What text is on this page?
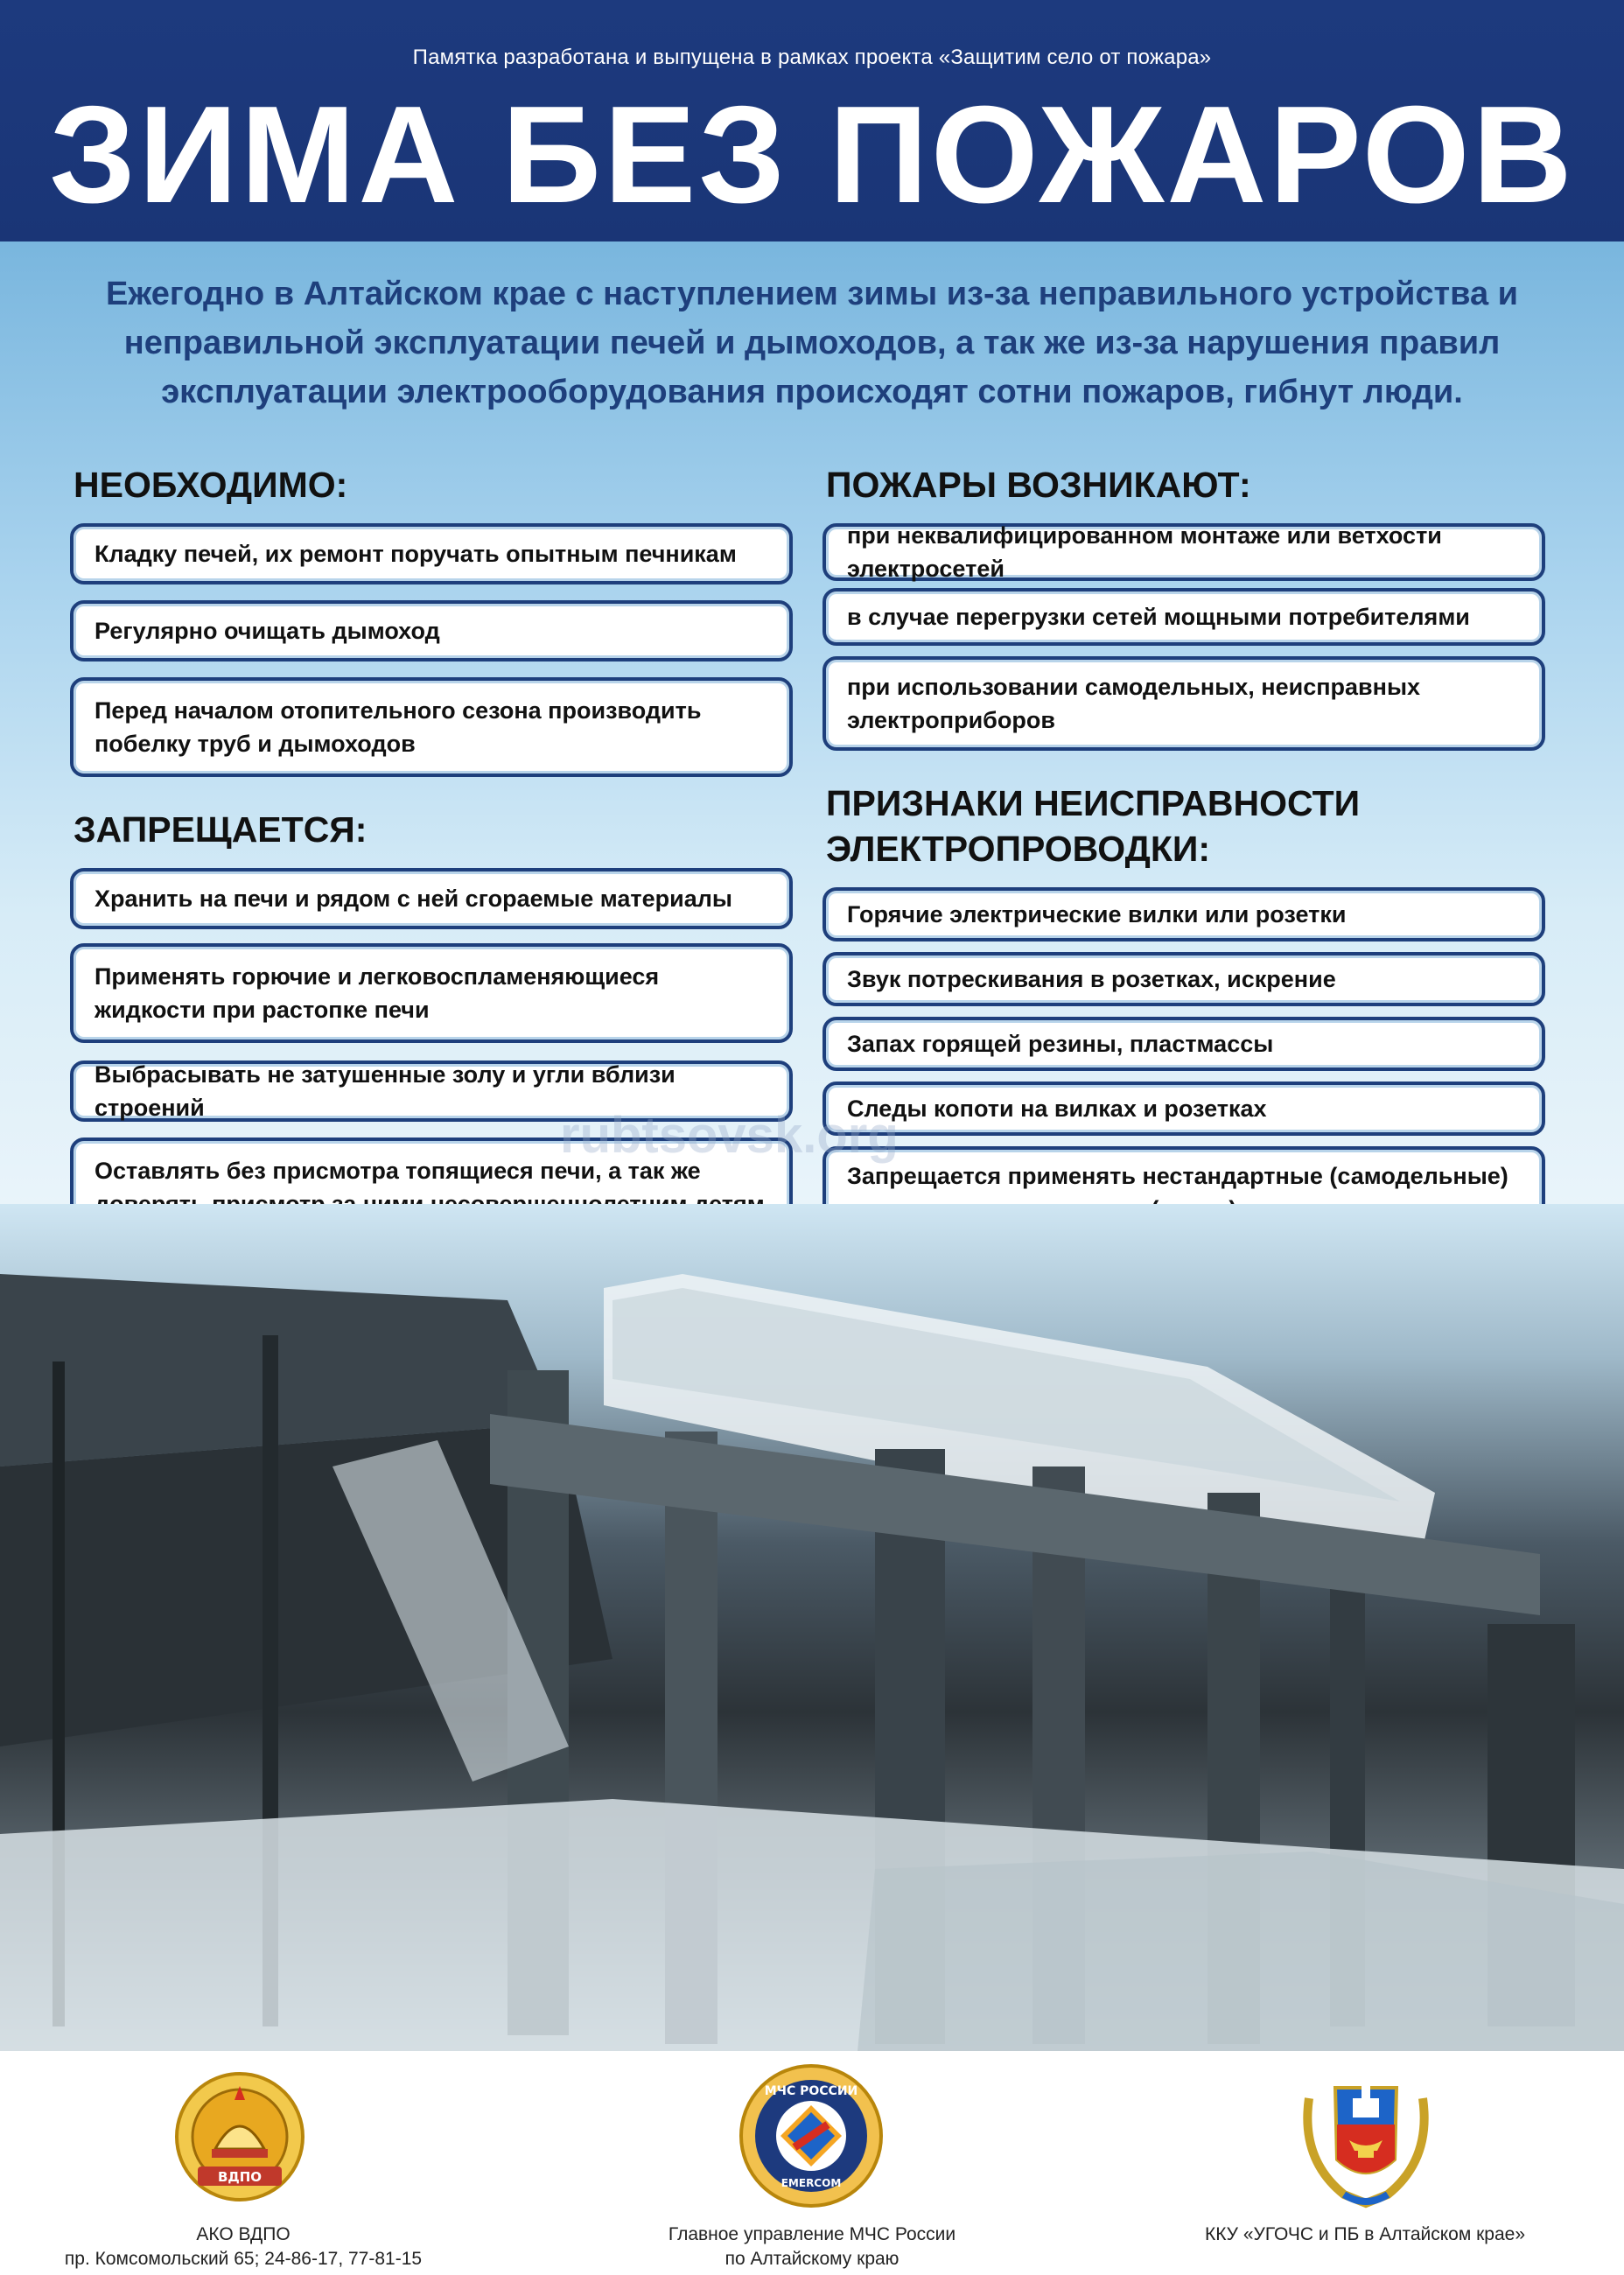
Памятка разработана и выпущена в рамках проекта «Защитим село от пожара»
ЗИМА БЕЗ ПОЖАРОВ
Ежегодно в Алтайском крае с наступлением зимы из-за неправильного устройства и неправильной эксплуатации печей и дымоходов, а так же из-за нарушения правил эксплуатации электрооборудования происходят сотни пожаров, гибнут люди.
НЕОБХОДИМО:
Кладку печей, их ремонт поручать опытным печникам
Регулярно очищать дымоход
Перед началом отопительного сезона производить побелку труб и дымоходов
ЗАПРЕЩАЕТСЯ:
Хранить на печи и рядом с ней сгораемые материалы
Применять горючие и легковоспламеняющиеся жидкости при растопке печи
Выбрасывать не затушенные золу и угли вблизи строений
Оставлять без присмотра топящиеся печи, а так же
ПОЖАРЫ ВОЗНИКАЮТ:
при неквалифицированном монтаже или ветхости электросетей
в случае перегрузки сетей мощными потребителями
при использовании самодельных, неисправных электроприборов
ПРИЗНАКИ НЕИСПРАВНОСТИ
ЭЛЕКТРОПРОВОДКИ:
Горячие электрические вилки или розетки
Звук потрескивания в розетках, искрение
Запах горящей резины, пластмассы
Следы копоти на вилках и розетках
Запрещается применять нестандартные (самодельные)
rubtsovsk.org
ВДПО
АКО ВДПО
пр. Комсомольский 65; 24-86-17, 77-81-15
МЧС РОССИИ
EMERCOM
Главное управление МЧС России
по Алтайскому краю
ККУ «УГОЧС и ПБ в Алтайском крае»
